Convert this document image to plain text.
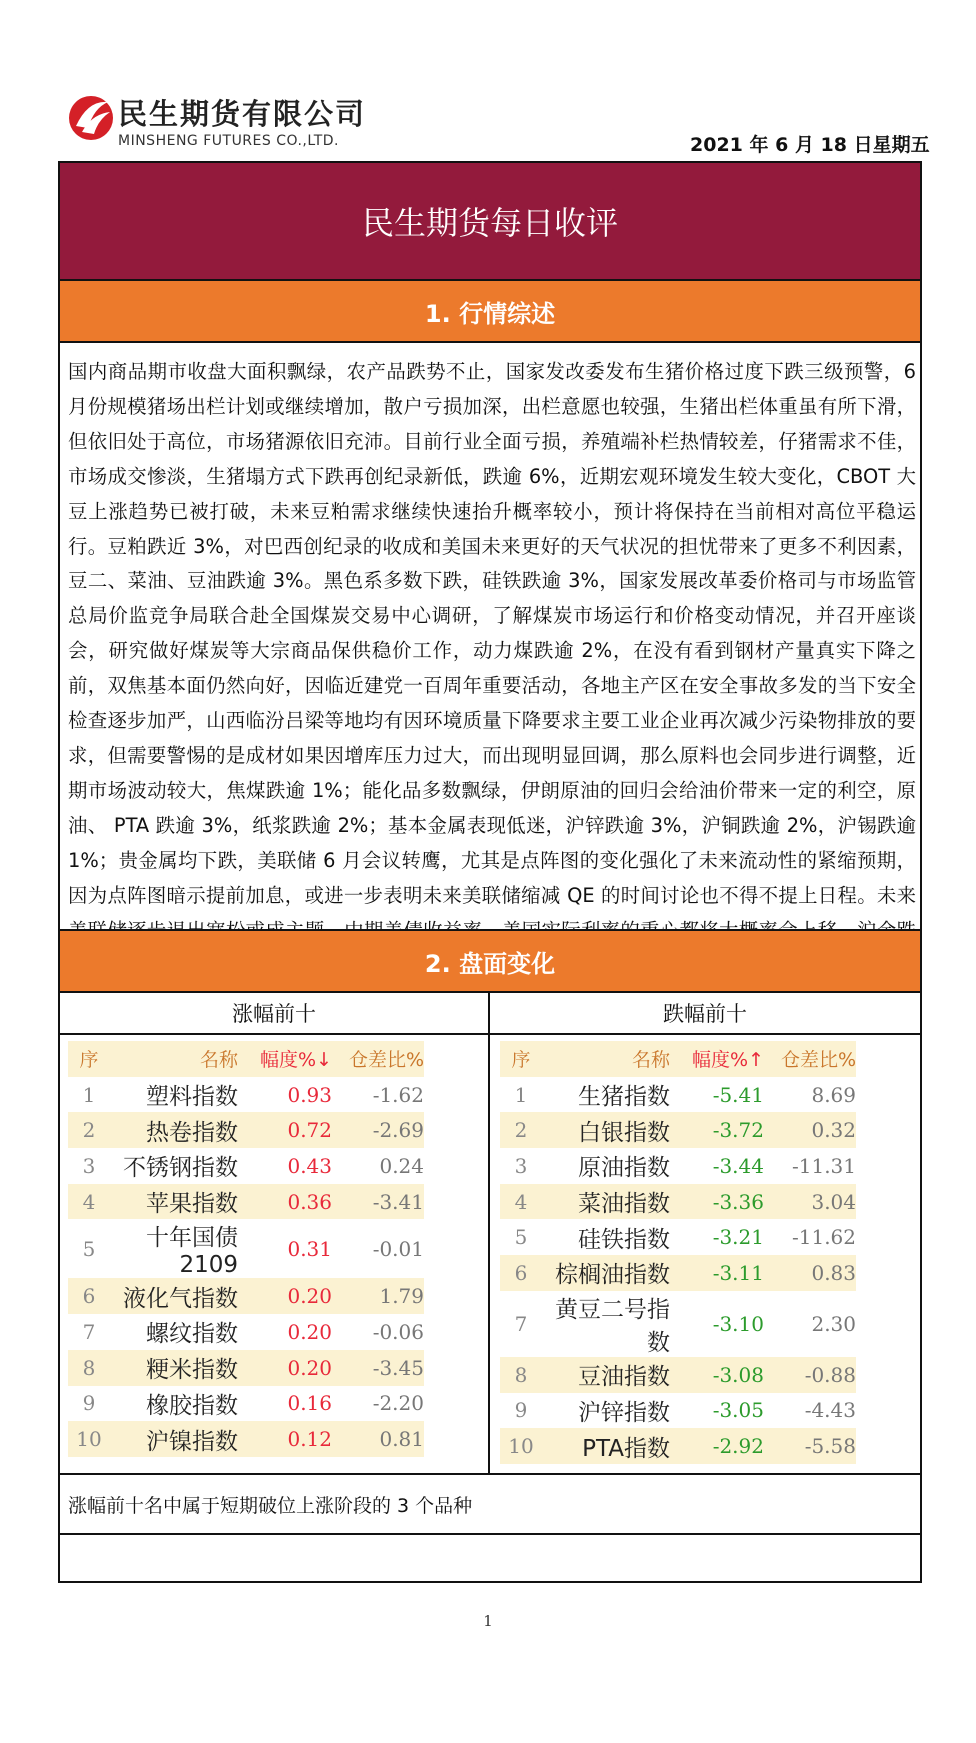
民生期货有限公司
MINSHENG FUTURES CO.,LTD.	2021 年 6 月 18 日星期五
民生期货每日收评
1. 行情综述
国内商品期市收盘大面积飘绿，农产品跌势不止，国家发改委发布生猪价格过度下跌三级预警，6 月份规模猪场出栏计划或继续增加，散户亏损加深，出栏意愿也较强，生猪出栏体重虽有所下滑，但依旧处于高位，市场猪源依旧充沛。目前行业全面亏损，养殖端补栏热情较差，仔猪需求不佳，市场成交惨淡，生猪塌方式下跌再创纪录新低，跌逾 6%，近期宏观环境发生较大变化，CBOT 大豆上涨趋势已被打破，未来豆粕需求继续快速抬升概率较小，预计将保持在当前相对高位平稳运行。豆粕跌近 3%，对巴西创纪录的收成和美国未来更好的天气状况的担忧带来了更多不利因素，豆二、菜油、豆油跌逾 3%。黑色系多数下跌，硅铁跌逾 3%，国家发展改革委价格司与市场监管总局价监竞争局联合赴全国煤炭交易中心调研，了解煤炭市场运行和价格变动情况，并召开座谈会，研究做好煤炭等大宗商品保供稳价工作，动力煤跌逾 2%，在没有看到钢材产量真实下降之前，双焦基本面仍然向好，因临近建党一百周年重要活动，各地主产区在安全事故多发的当下安全检查逐步加严，山西临汾吕梁等地均有因环境质量下降要求主要工业企业再次减少污染物排放的要求，但需要警惕的是成材如果因增库压力过大，而出现明显回调，那么原料也会同步进行调整，近期市场波动较大，焦煤跌逾 1%；能化品多数飘绿，伊朗原油的回归会给油价带来一定的利空，原油、 PTA 跌逾 3%，纸浆跌逾 2%；基本金属表现低迷，沪锌跌逾 3%，沪铜跌逾 2%，沪锡跌逾 1%；贵金属均下跌，美联储 6 月会议转鹰，尤其是点阵图的变化强化了未来流动性的紧缩预期，因为点阵图暗示提前加息，或进一步表明未来美联储缩减 QE 的时间讨论也不得不提上日程。未来
2. 盘面变化
涨幅前十	跌幅前十
序	名称	幅度%↓	仓差比%
1	塑料指数	0.93	-1.62
2	热卷指数	0.72	-2.69
3	不锈钢指数	0.43	0.24
4	苹果指数	0.36	-3.41
5	十年国债2109	0.31	-0.01
6	液化气指数	0.20	1.79
7	螺纹指数	0.20	-0.06
8	粳米指数	0.20	-3.45
9	橡胶指数	0.16	-2.20
10	沪镍指数	0.12	0.81
序	名称	幅度%↑	仓差比%
1	生猪指数	-5.41	8.69
2	白银指数	-3.72	0.32
3	原油指数	-3.44	-11.31
4	菜油指数	-3.36	3.04
5	硅铁指数	-3.21	-11.62
6	棕榈油指数	-3.11	0.83
7	黄豆二号指数	-3.10	2.30
8	豆油指数	-3.08	-0.88
9	沪锌指数	-3.05	-4.43
10	PTA指数	-2.92	-5.58
涨幅前十名中属于短期破位上涨阶段的 3 个品种
1
